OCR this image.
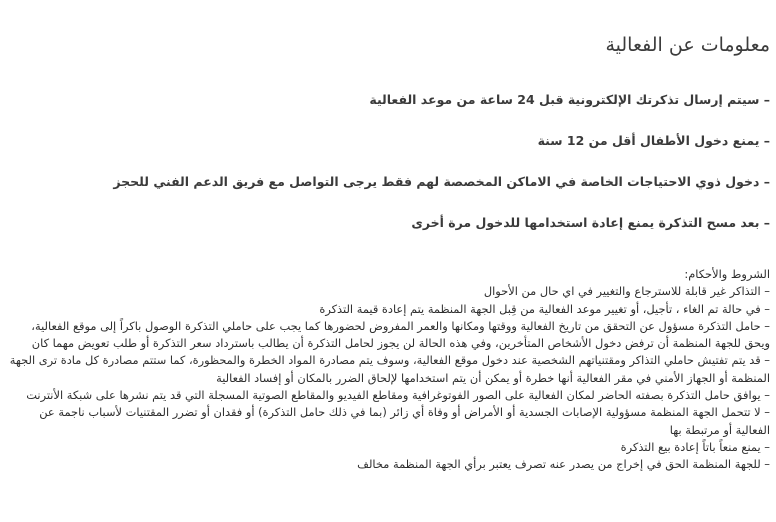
معلومات عن الفعالية
– سيتم إرسال تذكرتك الإلكترونية قبل 24 ساعة من موعد الفعالية
– يمنع دخول الأطفال أقل من 12 سنة
– دخول ذوي الاحتياجات الخاصة في الاماكن المخصصة لهم فقط يرجى التواصل مع فريق الدعم الفني للحجز
– بعد مسح التذكرة يمنع إعادة استخدامها للدخول مرة أخرى
الشروط والأحكام:
– التذاكر غير قابلة للاسترجاع والتغيير في اي حال من الأحوال
– في حالة تم الغاء ، تأجيل، أو تغيير موعد الفعالية من قِبل الجهة المنظمة يتم إعادة قيمة التذكرة
– حامل التذكرة مسؤول عن التحقق من تاريخ الفعالية ووقتها ومكانها والعمر المفروض لحضورها كما يجب على حاملي التذكرة الوصول باكراً إلى موقع الفعالية،
ويحق للجهة المنظمة أن ترفض دخول الأشخاص المتأخرين، وفي هذه الحالة لن يجوز لحامل التذكرة أن يطالب باسترداد سعر التذكرة أو طلب تعويض مهما كان
– قد يتم تفتيش حاملي التذاكر ومقتنياتهم الشخصية عند دخول موقع الفعالية، وسوف يتم مصادرة المواد الخطرة والمحظورة، كما ستتم مصادرة كل مادة ترى الجهة
المنظمة أو الجهاز الأمني في مقر الفعالية أنها خطرة أو يمكن أن يتم استخدامها لإلحاق الضرر بالمكان أو إفساد الفعالية
– يوافق حامل التذكرة بصفته الحاضر لمكان الفعالية على الصور الفوتوغرافية ومقاطع الفيديو والمقاطع الصوتية المسجلة التي قد يتم نشرها على شبكة الأنترنت
– لا تتحمل الجهة المنظمة مسؤولية الإصابات الجسدية أو الأمراض أو وفاة أي زائر (بما في ذلك حامل التذكرة) أو فقدان أو تضرر المقتنيات لأسباب ناجمة عن
الفعالية أو مرتبطة بها
– يمنع منعاً باتاً إعادة بيع التذكرة
– للجهة المنظمة الحق في إخراج من يصدر عنه تصرف يعتبر برأي الجهة المنظمة مخالف
